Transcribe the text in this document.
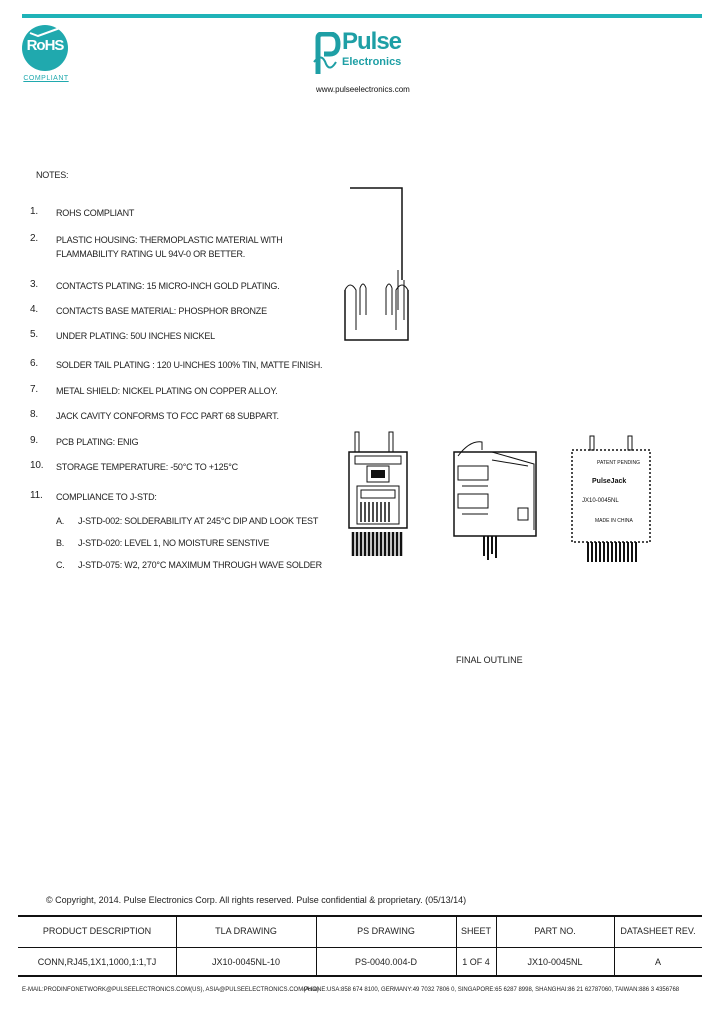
RoHS
COMPLIANT
Pulse
Electronics
www.pulseelectronics.com
NOTES:
1.	ROHS COMPLIANT
2.	PLASTIC HOUSING: THERMOPLASTIC MATERIAL WITH FLAMMABILITY RATING UL 94V-0 OR BETTER.
3.	CONTACTS PLATING: 15 MICRO-INCH GOLD PLATING.
4.	CONTACTS BASE MATERIAL: PHOSPHOR BRONZE
5.	UNDER PLATING: 50U INCHES NICKEL
6.	SOLDER TAIL PLATING : 120 U-INCHES 100% TIN, MATTE FINISH.
7.	METAL SHIELD: NICKEL PLATING ON COPPER ALLOY.
8.	JACK CAVITY CONFORMS TO FCC PART 68 SUBPART.
9.	PCB PLATING: ENIG
10.	STORAGE TEMPERATURE: -50°C TO +125°C
11.	COMPLIANCE TO J-STD:
A. J-STD-002: SOLDERABILITY AT 245°C DIP AND LOOK TEST
B. J-STD-020: LEVEL 1, NO MOISTURE SENSTIVE
C. J-STD-075: W2, 270°C MAXIMUM THROUGH WAVE SOLDER
PATENT PENDING
PulseJack
JX10-0045NL
MADE IN CHINA
FINAL OUTLINE
© Copyright, 2014. Pulse Electronics Corp. All rights reserved. Pulse confidential & proprietary. (05/13/14)
PRODUCT DESCRIPTION	TLA DRAWING	PS DRAWING	SHEET	PART NO.	DATASHEET REV.
CONN,RJ45,1X1,1000,1:1,TJ	JX10-0045NL-10	PS-0040.004-D	1 OF 4	JX10-0045NL	A
E-MAIL:PRODINFONETWORK@PULSEELECTRONICS.COM(US), ASIA@PULSEELECTRONICS.COM(Asia)
PHONE:USA:858 674 8100, GERMANY:49 7032 7806 0, SINGAPORE:65 6287 8998, SHANGHAI:86 21 62787060, TAIWAN:886 3 4356768
